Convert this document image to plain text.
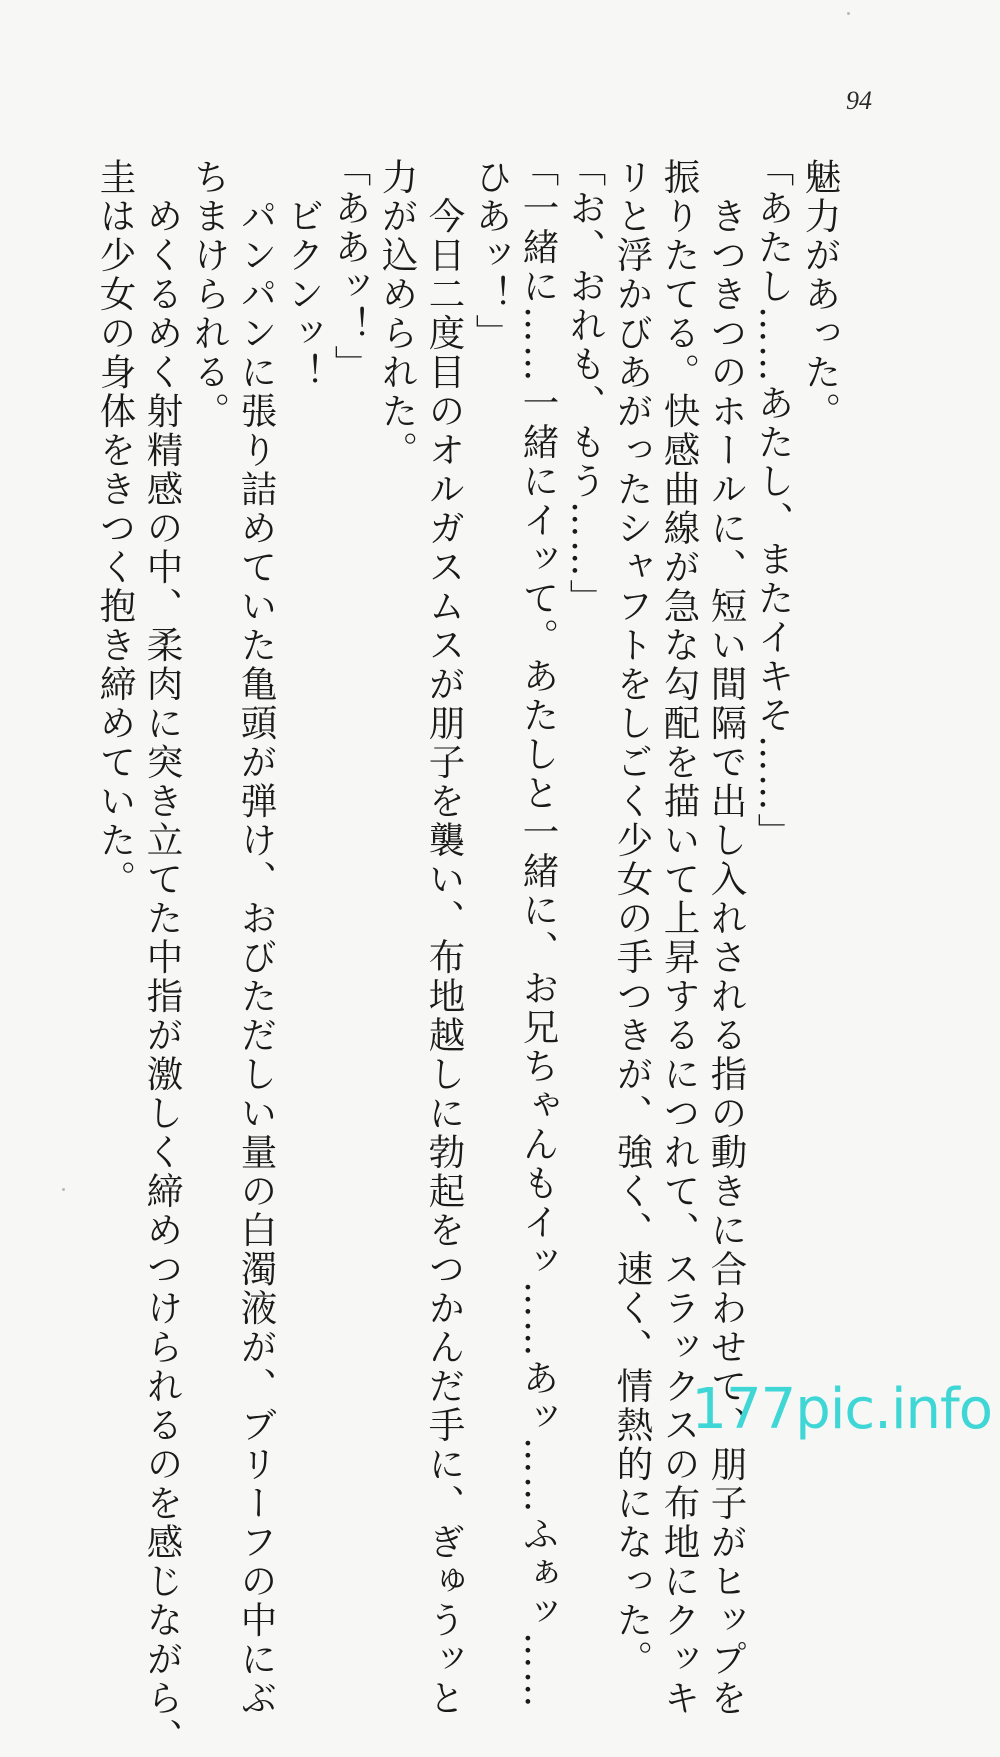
94
魅力があった。
「あたし……あたし、またイキそ……」
　きつきつのホールに、短い間隔で出し入れされる指の動きに合わせて、朋子がヒップを
振りたてる。快感曲線が急な勾配を描いて上昇するにつれて、スラックスの布地にクッキ
リと浮かびあがったシャフトをしごく少女の手つきが、強く、速く、情熱的になった。
「お、おれも、もう……」
「一緒に……一緒にイッて。あたしと一緒に、お兄ちゃんもイッ……あッ……ふぁッ……
ひあッ！」
　今日二度目のオルガスムスが朋子を襲い、布地越しに勃起をつかんだ手に、ぎゅうッと
力が込められた。
「ああッ！」
　ビクンッ！
　パンパンに張り詰めていた亀頭が弾け、おびただしい量の白濁液が、ブリーフの中にぶ
ちまけられる。
　めくるめく射精感の中、柔肉に突き立てた中指が激しく締めつけられるのを感じながら、
圭は少女の身体をきつく抱き締めていた。
177pic.info
